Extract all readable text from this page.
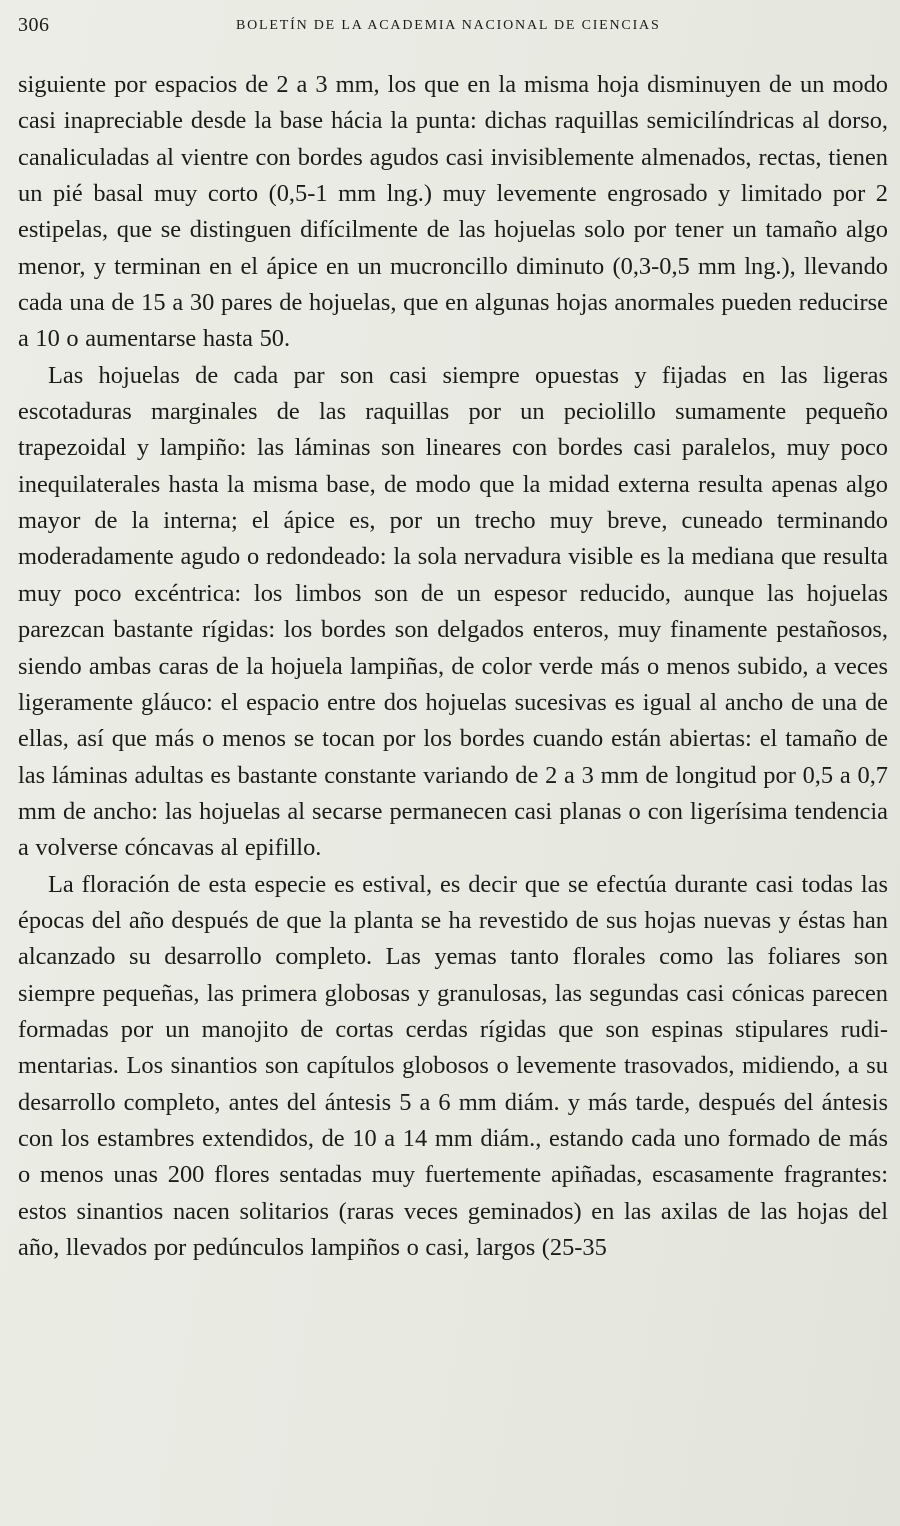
306	BOLETÍN DE LA ACADEMIA NACIONAL DE CIENCIAS

siguiente por espacios de 2 a 3 mm, los que en la misma hoja disminuyen de un modo casi inapreciable desde la base hácia la punta: dichas raquillas semicilíndricas al dorso, canaliculadas al vientre con bordes agudos casi invisiblemente almenados, rectas, tienen un pié basal muy corto (0,5-1 mm lng.) muy levemente engrosado y limitado por 2 estipelas, que se distinguen difícilmente de las hojuelas solo por tener un tamaño algo menor, y terminan en el ápice en un mucroncillo diminuto (0,3-0,5 mm lng.), llevando cada una de 15 a 30 pares de hojuelas, que en algunas hojas anormales pueden reducirse a 10 o aumentarse hasta 50.

Las hojuelas de cada par son casi siempre opuestas y fijadas en las ligeras escotaduras marginales de las raquillas por un peciolillo sumamente pequeño trapezoidal y lampiño: las láminas son lineares con bordes casi paralelos, muy poco inequilaterales hasta la misma base, de modo que la midad externa resulta apenas algo mayor de la interna; el ápice es, por un trecho muy breve, cuneado terminando moderadamente agudo o redondeado: la sola nervadura visible es la mediana que resulta muy poco excéntrica: los limbos son de un espesor reducido, aunque las hojuelas parezcan bastante rígidas: los bordes son delgados enteros, muy finamente pestañosos, siendo ambas caras de la hojuela lampiñas, de color verde más o menos subido, a veces ligeramente gláuco: el espacio entre dos hojuelas sucesivas es igual al ancho de una de ellas, así que más o menos se tocan por los bordes cuando están abiertas: el tamaño de las láminas adultas es bastante constante variando de 2 a 3 mm de longitud por 0,5 a 0,7 mm de ancho: las hojuelas al secarse permanecen casi planas o con ligerísima tendencia a volverse cóncavas al epifillo.

La floración de esta especie es estival, es decir que se efectúa durante casi todas las épocas del año después de que la planta se ha revestido de sus hojas nuevas y éstas han alcanzado su desarrollo completo. Las yemas tanto florales como las foliares son siempre pequeñas, las primera globosas y granulosas, las segundas casi cónicas parecen formadas por un manojito de cortas cerdas rígidas que son espinas stipulares rudimentarias. Los sinantios son capítulos globosos o levemente trasovados, midiendo, a su desarrollo completo, antes del ántesis 5 a 6 mm diám. y más tarde, después del ántesis con los estambres extendidos, de 10 a 14 mm diám., estando cada uno formado de más o menos unas 200 flores sentadas muy fuertemente apiñadas, escasamente fragrantes: estos sinantios nacen solitarios (raras veces geminados) en las axilas de las hojas del año, llevados por pedúnculos lampiños o casi, largos (25-35
